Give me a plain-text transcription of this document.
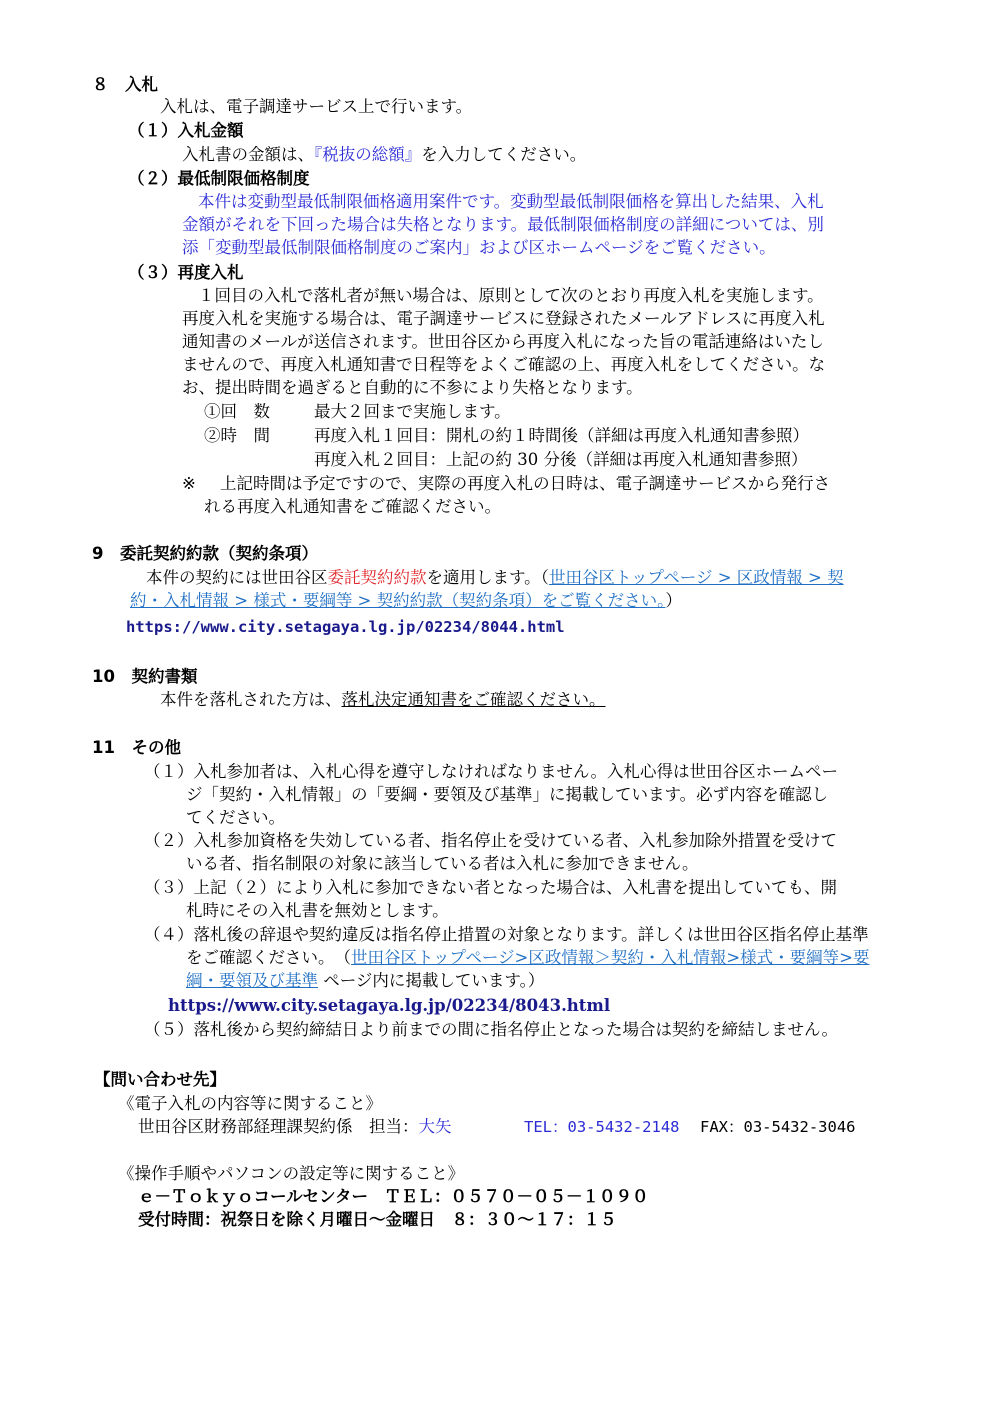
８　入札
入札は、電子調達サービス上で行います。
（１）入札金額
入札書の金額は、『税抜の総額』を入力してください。
（２）最低制限価格制度
本件は変動型最低制限価格適用案件です。変動型最低制限価格を算出した結果、入札
金額がそれを下回った場合は失格となります。最低制限価格制度の詳細については、別
添「変動型最低制限価格制度のご案内」および区ホームページをご覧ください。
（３）再度入札
１回目の入札で落札者が無い場合は、原則として次のとおり再度入札を実施します。
再度入札を実施する場合は、電子調達サービスに登録されたメールアドレスに再度入札
通知書のメールが送信されます。世田谷区から再度入札になった旨の電話連絡はいたし
ませんので、再度入札通知書で日程等をよくご確認の上、再度入札をしてください。な
お、提出時間を過ぎると自動的に不参により失格となります。
①回　数	最大２回まで実施します。
②時　間	再度入札１回目：開札の約１時間後（詳細は再度入札通知書参照）
再度入札２回目：上記の約 30 分後（詳細は再度入札通知書参照）
※ 上記時間は予定ですので、実際の再度入札の日時は、電子調達サービスから発行さ
れる再度入札通知書をご確認ください。
9　委託契約約款（契約条項）
本件の契約には世田谷区委託契約約款を適用します。（世田谷区トップページ > 区政情報 > 契
約・入札情報 > 様式・要綱等 > 契約約款（契約条項）をご覧ください。）
https://www.city.setagaya.lg.jp/02234/8044.html
10　契約書類
本件を落札された方は、落札決定通知書をご確認ください。
11　その他
（１）入札参加者は、入札心得を遵守しなければなりません。入札心得は世田谷区ホームペー
ジ「契約・入札情報」の「要綱・要領及び基準」に掲載しています。必ず内容を確認し
てください。
（２）入札参加資格を失効している者、指名停止を受けている者、入札参加除外措置を受けて
いる者、指名制限の対象に該当している者は入札に参加できません。
（３）上記（２）により入札に参加できない者となった場合は、入札書を提出していても、開
札時にその入札書を無効とします。
（４）落札後の辞退や契約違反は指名停止措置の対象となります。詳しくは世田谷区指名停止基準
をご確認ください。　（世田谷区トップページ>区政情報＞契約・入札情報>様式・要綱等>要
綱・要領及び基準 ページ内に掲載しています。）
https://www.city.setagaya.lg.jp/02234/8043.html
（５）落札後から契約締結日より前までの間に指名停止となった場合は契約を締結しません。
【問い合わせ先】
《電子入札の内容等に関すること》
世田谷区財務部経理課契約係　担当：大矢	TEL：03-5432-2148 FAX：03-5432-3046
《操作手順やパソコンの設定等に関すること》
ｅ－Ｔｏｋｙｏコールセンター　ＴＥＬ：０５７０－０５－１０９０
受付時間：祝祭日を除く月曜日～金曜日　８：３０～１７：１５
